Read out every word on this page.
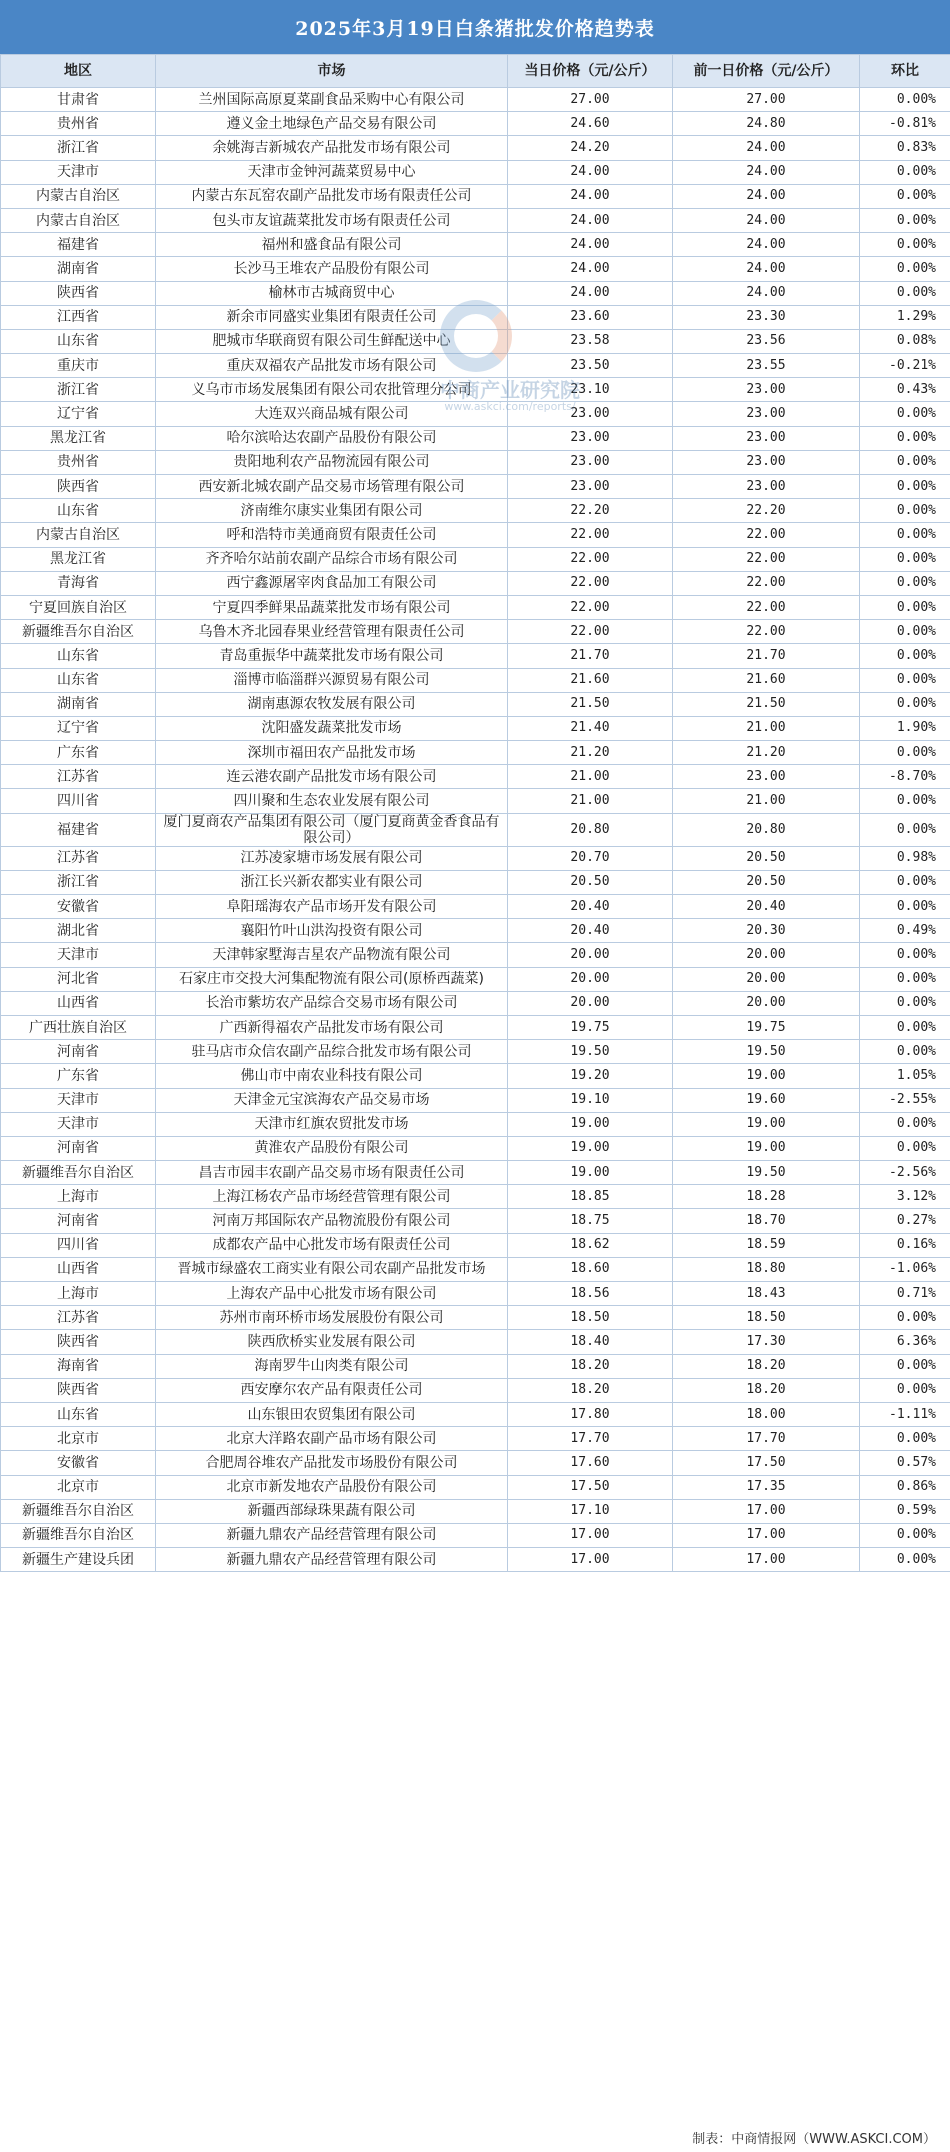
2025年3月19日白条猪批发价格趋势表
地区	市场	当日价格（元/公斤）	前一日价格（元/公斤）	环比
甘肃省	兰州国际高原夏菜副食品采购中心有限公司	27.00	27.00	0.00%
贵州省	遵义金土地绿色产品交易有限公司	24.60	24.80	-0.81%
浙江省	余姚海吉新城农产品批发市场有限公司	24.20	24.00	0.83%
天津市	天津市金钟河蔬菜贸易中心	24.00	24.00	0.00%
内蒙古自治区	内蒙古东瓦窑农副产品批发市场有限责任公司	24.00	24.00	0.00%
内蒙古自治区	包头市友谊蔬菜批发市场有限责任公司	24.00	24.00	0.00%
福建省	福州和盛食品有限公司	24.00	24.00	0.00%
湖南省	长沙马王堆农产品股份有限公司	24.00	24.00	0.00%
陕西省	榆林市古城商贸中心	24.00	24.00	0.00%
江西省	新余市同盛实业集团有限责任公司	23.60	23.30	1.29%
山东省	肥城市华联商贸有限公司生鲜配送中心	23.58	23.56	0.08%
重庆市	重庆双福农产品批发市场有限公司	23.50	23.55	-0.21%
浙江省	义乌市市场发展集团有限公司农批管理分公司	23.10	23.00	0.43%
辽宁省	大连双兴商品城有限公司	23.00	23.00	0.00%
黑龙江省	哈尔滨哈达农副产品股份有限公司	23.00	23.00	0.00%
贵州省	贵阳地利农产品物流园有限公司	23.00	23.00	0.00%
陕西省	西安新北城农副产品交易市场管理有限公司	23.00	23.00	0.00%
山东省	济南维尔康实业集团有限公司	22.20	22.20	0.00%
内蒙古自治区	呼和浩特市美通商贸有限责任公司	22.00	22.00	0.00%
黑龙江省	齐齐哈尔站前农副产品综合市场有限公司	22.00	22.00	0.00%
青海省	西宁鑫源屠宰肉食品加工有限公司	22.00	22.00	0.00%
宁夏回族自治区	宁夏四季鲜果品蔬菜批发市场有限公司	22.00	22.00	0.00%
新疆维吾尔自治区	乌鲁木齐北园春果业经营管理有限责任公司	22.00	22.00	0.00%
山东省	青岛重振华中蔬菜批发市场有限公司	21.70	21.70	0.00%
山东省	淄博市临淄群兴源贸易有限公司	21.60	21.60	0.00%
湖南省	湖南惠源农牧发展有限公司	21.50	21.50	0.00%
辽宁省	沈阳盛发蔬菜批发市场	21.40	21.00	1.90%
广东省	深圳市福田农产品批发市场	21.20	21.20	0.00%
江苏省	连云港农副产品批发市场有限公司	21.00	23.00	-8.70%
四川省	四川聚和生态农业发展有限公司	21.00	21.00	0.00%
福建省	厦门夏商农产品集团有限公司（厦门夏商黄金香食品有限公司）	20.80	20.80	0.00%
江苏省	江苏凌家塘市场发展有限公司	20.70	20.50	0.98%
浙江省	浙江长兴新农都实业有限公司	20.50	20.50	0.00%
安徽省	阜阳瑶海农产品市场开发有限公司	20.40	20.40	0.00%
湖北省	襄阳竹叶山洪沟投资有限公司	20.40	20.30	0.49%
天津市	天津韩家墅海吉星农产品物流有限公司	20.00	20.00	0.00%
河北省	石家庄市交投大河集配物流有限公司(原桥西蔬菜)	20.00	20.00	0.00%
山西省	长治市紫坊农产品综合交易市场有限公司	20.00	20.00	0.00%
广西壮族自治区	广西新得福农产品批发市场有限公司	19.75	19.75	0.00%
河南省	驻马店市众信农副产品综合批发市场有限公司	19.50	19.50	0.00%
广东省	佛山市中南农业科技有限公司	19.20	19.00	1.05%
天津市	天津金元宝滨海农产品交易市场	19.10	19.60	-2.55%
天津市	天津市红旗农贸批发市场	19.00	19.00	0.00%
河南省	黄淮农产品股份有限公司	19.00	19.00	0.00%
新疆维吾尔自治区	昌吉市园丰农副产品交易市场有限责任公司	19.00	19.50	-2.56%
上海市	上海江杨农产品市场经营管理有限公司	18.85	18.28	3.12%
河南省	河南万邦国际农产品物流股份有限公司	18.75	18.70	0.27%
四川省	成都农产品中心批发市场有限责任公司	18.62	18.59	0.16%
山西省	晋城市绿盛农工商实业有限公司农副产品批发市场	18.60	18.80	-1.06%
上海市	上海农产品中心批发市场有限公司	18.56	18.43	0.71%
江苏省	苏州市南环桥市场发展股份有限公司	18.50	18.50	0.00%
陕西省	陕西欣桥实业发展有限公司	18.40	17.30	6.36%
海南省	海南罗牛山肉类有限公司	18.20	18.20	0.00%
陕西省	西安摩尔农产品有限责任公司	18.20	18.20	0.00%
山东省	山东银田农贸集团有限公司	17.80	18.00	-1.11%
北京市	北京大洋路农副产品市场有限公司	17.70	17.70	0.00%
安徽省	合肥周谷堆农产品批发市场股份有限公司	17.60	17.50	0.57%
北京市	北京市新发地农产品股份有限公司	17.50	17.35	0.86%
新疆维吾尔自治区	新疆西部绿珠果蔬有限公司	17.10	17.00	0.59%
新疆维吾尔自治区	新疆九鼎农产品经营管理有限公司	17.00	17.00	0.00%
新疆生产建设兵团	新疆九鼎农产品经营管理有限公司	17.00	17.00	0.00%
中商产业研究院
www.askci.com/reports/
制表：中商情报网（WWW.ASKCI.COM）
